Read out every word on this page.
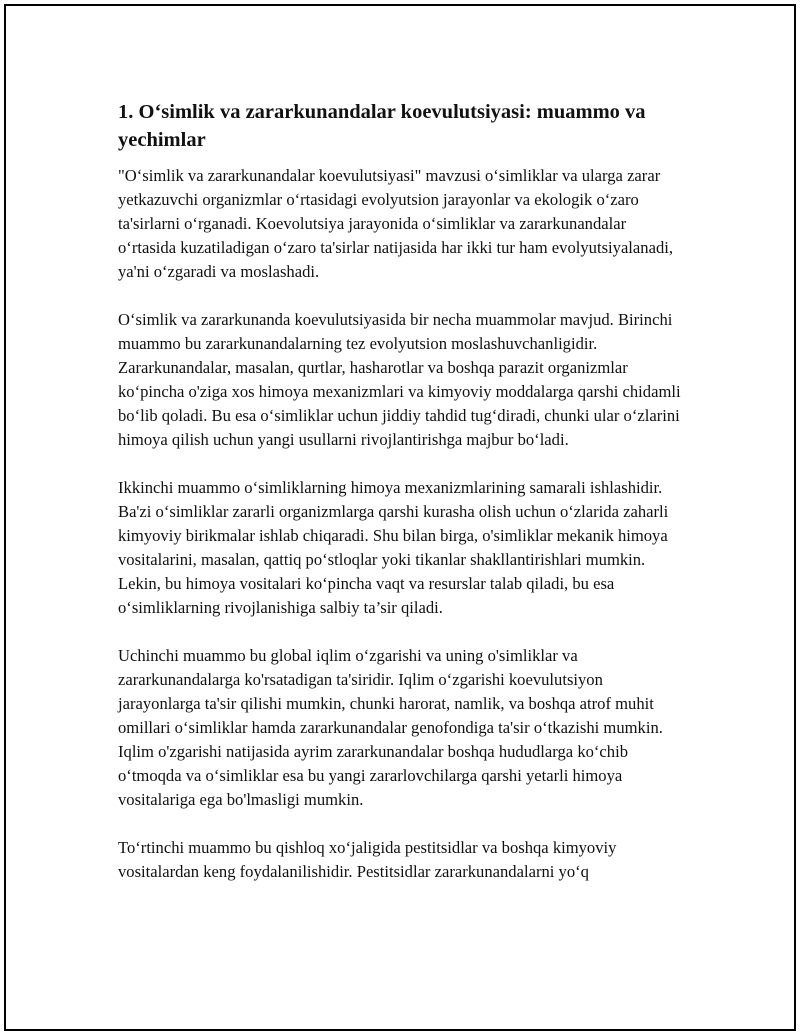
1. O‘simlik va zararkunandalar koevulutsiyasi: muammo va yechimlar

"O‘simlik va zararkunandalar koevulutsiyasi" mavzusi o‘simliklar va ularga zarar yetkazuvchi organizmlar o‘rtasidagi evolyutsion jarayonlar va ekologik o‘zaro ta'sirlarni o‘rganadi. Koevolutsiya jarayonida o‘simliklar va zararkunandalar o‘rtasida kuzatiladigan o‘zaro ta'sirlar natijasida har ikki tur ham evolyutsiyalanadi, ya'ni o‘zgaradi va moslashadi.

O‘simlik va zararkunanda koevulutsiyasida bir necha muammolar mavjud. Birinchi muammo bu zararkunandalarning tez evolyutsion moslashuvchanligidir. Zararkunandalar, masalan, qurtlar, hasharotlar va boshqa parazit organizmlar ko‘pincha o'ziga xos himoya mexanizmlari va kimyoviy moddalarga qarshi chidamli bo‘lib qoladi. Bu esa o‘simliklar uchun jiddiy tahdid tug‘diradi, chunki ular o‘zlarini himoya qilish uchun yangi usullarni rivojlantirishga majbur bo‘ladi.

Ikkinchi muammo o‘simliklarning himoya mexanizmlarining samarali ishlashidir. Ba'zi o‘simliklar zararli organizmlarga qarshi kurasha olish uchun o‘zlarida zaharli kimyoviy birikmalar ishlab chiqaradi. Shu bilan birga, o'simliklar mekanik himoya vositalarini, masalan, qattiq po‘stloqlar yoki tikanlar shakllantirishlari mumkin. Lekin, bu himoya vositalari ko‘pincha vaqt va resurslar talab qiladi, bu esa o‘simliklarning rivojlanishiga salbiy ta’sir qiladi.

Uchinchi muammo bu global iqlim o‘zgarishi va uning o'simliklar va zararkunandalarga ko'rsatadigan ta'siridir. Iqlim o‘zgarishi koevulutsiyon jarayonlarga ta'sir qilishi mumkin, chunki harorat, namlik, va boshqa atrof muhit omillari o‘simliklar hamda zararkunandalar genofondiga ta'sir o‘tkazishi mumkin. Iqlim o'zgarishi natijasida ayrim zararkunandalar boshqa hududlarga ko‘chib o‘tmoqda va o‘simliklar esa bu yangi zararlovchilarga qarshi yetarli himoya vositalariga ega bo'lmasligi mumkin.

To‘rtinchi muammo bu qishloq xo‘jaligida pestitsidlar va boshqa kimyoviy vositalardan keng foydalanilishidir. Pestitsidlar zararkunandalarni yo‘q
